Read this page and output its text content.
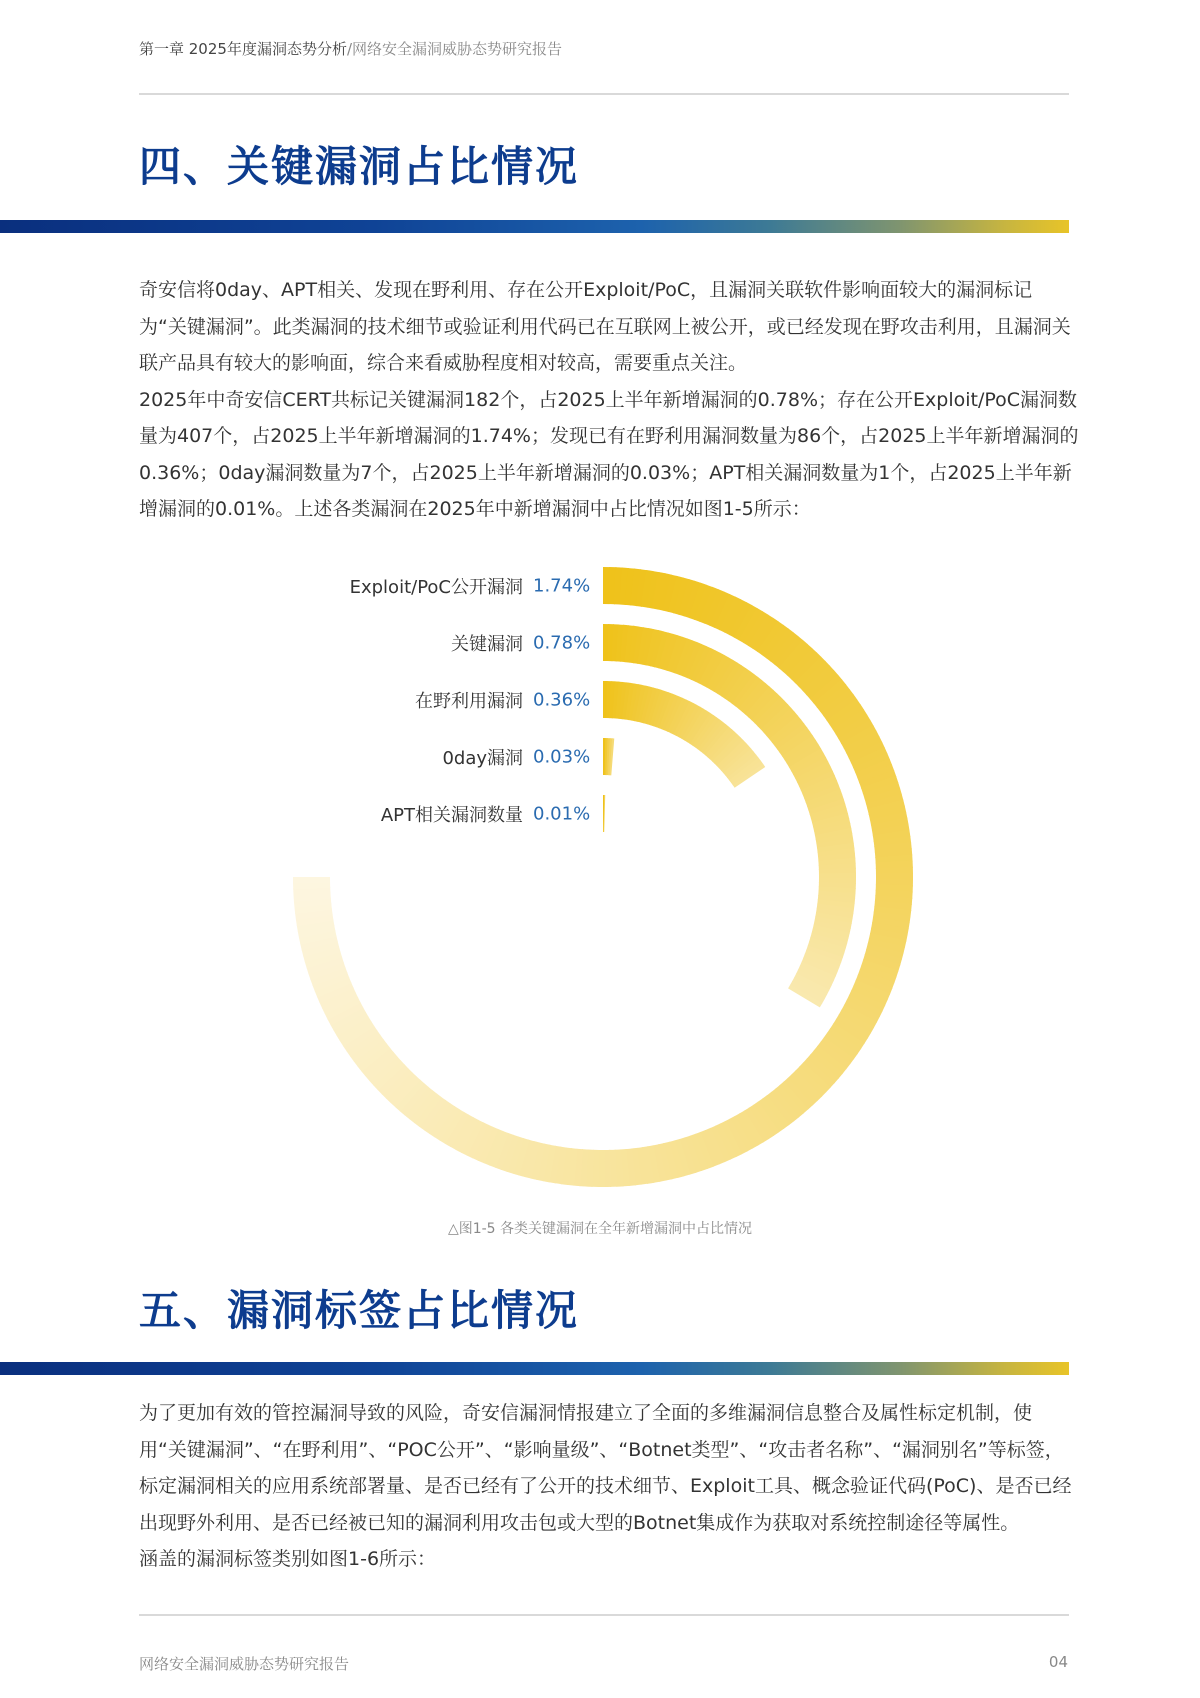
第一章 2025年度漏洞态势分析/网络安全漏洞威胁态势研究报告
四、关键漏洞占比情况

奇安信将0day、APT相关、发现在野利用、存在公开Exploit/PoC，且漏洞关联软件影响面较大的漏洞标记为“关键漏洞”。此类漏洞的技术细节或验证利用代码已在互联网上被公开，或已经发现在野攻击利用，且漏洞关联产品具有较大的影响面，综合来看威胁程度相对较高，需要重点关注。

2025年中奇安信CERT共标记关键漏洞182个，占2025上半年新增漏洞的0.78%；存在公开Exploit/PoC漏洞数量为407个，占2025上半年新增漏洞的1.74%；发现已有在野利用漏洞数量为86个，占2025上半年新增漏洞的0.36%；0day漏洞数量为7个，占2025上半年新增漏洞的0.03%；APT相关漏洞数量为1个，占2025上半年新增漏洞的0.01%。上述各类漏洞在2025年中新增漏洞中占比情况如图1-5所示：

Exploit/PoC公开漏洞 1.74%
关键漏洞 0.78%
在野利用漏洞 0.36%
0day漏洞 0.03%
APT相关漏洞数量 0.01%
△图1-5 各类关键漏洞在全年新增漏洞中占比情况
五、漏洞标签占比情况

为了更加有效的管控漏洞导致的风险，奇安信漏洞情报建立了全面的多维漏洞信息整合及属性标定机制，使用“关键漏洞”、“在野利用”、“POC公开”、“影响量级”、“Botnet类型”、“攻击者名称”、“漏洞别名”等标签，标定漏洞相关的应用系统部署量、是否已经有了公开的技术细节、Exploit工具、概念验证代码(PoC)、是否已经出现野外利用、是否已经被已知的漏洞利用攻击包或大型的Botnet集成作为获取对系统控制途径等属性。

涵盖的漏洞标签类别如图1-6所示：

网络安全漏洞威胁态势研究报告	04
